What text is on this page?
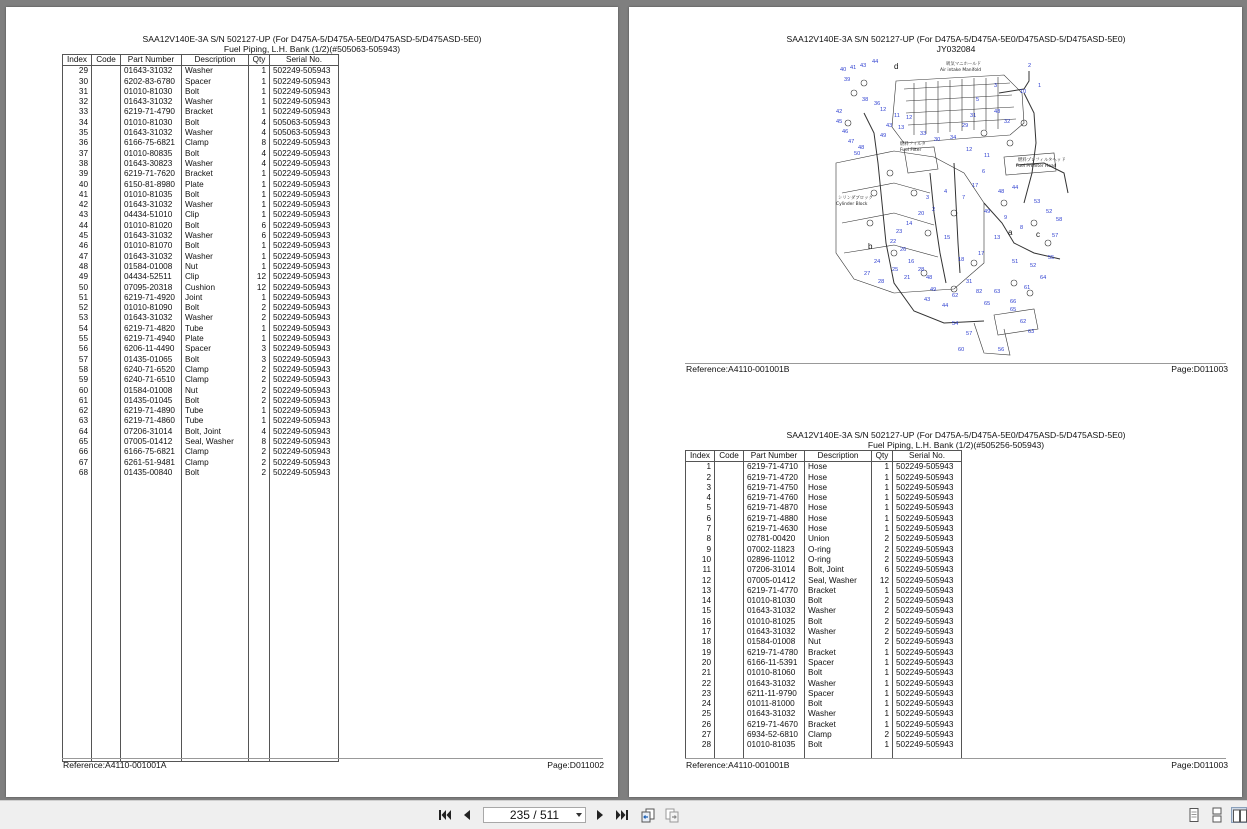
SAA12V140E-3A S/N 502127-UP (For D475A-5/D475A-5E0/D475ASD-5/D475ASD-5E0)
Fuel Piping, L.H. Bank (1/2)(#505063-505943)
Index	Code	Part Number	Description	Qty	Serial No.
29		01643-31032	Washer	1	502249-505943
30		6202-83-6780	Spacer	1	502249-505943
31		01010-81030	Bolt	1	502249-505943
32		01643-31032	Washer	1	502249-505943
33		6219-71-4790	Bracket	1	502249-505943
34		01010-81030	Bolt	4	505063-505943
35		01643-31032	Washer	4	505063-505943
36		6166-75-6821	Clamp	8	502249-505943
37		01010-80835	Bolt	4	502249-505943
38		01643-30823	Washer	4	502249-505943
39		6219-71-7620	Bracket	1	502249-505943
40		6150-81-8980	Plate	1	502249-505943
41		01010-81035	Bolt	1	502249-505943
42		01643-31032	Washer	1	502249-505943
43		04434-51010	Clip	1	502249-505943
44		01010-81020	Bolt	6	502249-505943
45		01643-31032	Washer	6	502249-505943
46		01010-81070	Bolt	1	502249-505943
47		01643-31032	Washer	1	502249-505943
48		01584-01008	Nut	1	502249-505943
49		04434-52511	Clip	12	502249-505943
50		07095-20318	Cushion	12	502249-505943
51		6219-71-4920	Joint	1	502249-505943
52		01010-81090	Bolt	2	502249-505943
53		01643-31032	Washer	2	502249-505943
54		6219-71-4820	Tube	1	502249-505943
55		6219-71-4940	Plate	1	502249-505943
56		6206-11-4490	Spacer	3	502249-505943
57		01435-01065	Bolt	3	502249-505943
58		6240-71-6520	Clamp	2	502249-505943
59		6240-71-6510	Clamp	2	502249-505943
60		01584-01008	Nut	2	502249-505943
61		01435-01045	Bolt	2	502249-505943
62		6219-71-4890	Tube	1	502249-505943
63		6219-71-4860	Tube	1	502249-505943
64		07206-31014	Bolt, Joint	4	502249-505943
65		07005-01412	Seal, Washer	8	502249-505943
66		6166-75-6821	Clamp	2	502249-505943
67		6261-51-9481	Clamp	2	502249-505943
68		01435-00840	Bolt	2	502249-505943

Reference:A4110-001001A	Page:D011002
SAA12V140E-3A S/N 502127-UP (For D475A-5/D475A-5E0/D475ASD-5/D475ASD-5E0)
JY032084
40 41 43
44
39
42
45
46
47
48
50
38
36
12
11 12
43
49
13
33
30 34
29
31
48
32
10
1
2
3
5
12
11
6
17
7
4
3
2
20
14
23
22
26
16
28
48
49
43
44
62
31
82
65
63
66
61
64
55
57
58
52
53
44
48
49
9
8
13
51
52
17
18
15
24
27
28
25
21
54
57
60	56
62
63
65
吸気マニホールド
Air intake Manifold
燃料フィルタ
Fuel Filter
燃料プレフィルタヘッド
Fuel Prefilter Head
シリンダブロック
Cylinder Block
b
a	c
d
Reference:A4110-001001B	Page:D011003
SAA12V140E-3A S/N 502127-UP (For D475A-5/D475A-5E0/D475ASD-5/D475ASD-5E0)
Fuel Piping, L.H. Bank (1/2)(#505256-505943)
Index	Code	Part Number	Description	Qty	Serial No.
1		6219-71-4710	Hose	1	502249-505943
2		6219-71-4720	Hose	1	502249-505943
3		6219-71-4750	Hose	1	502249-505943
4		6219-71-4760	Hose	1	502249-505943
5		6219-71-4870	Hose	1	502249-505943
6		6219-71-4880	Hose	1	502249-505943
7		6219-71-4630	Hose	1	502249-505943
8		02781-00420	Union	2	502249-505943
9		07002-11823	O-ring	2	502249-505943
10		02896-11012	O-ring	2	502249-505943
11		07206-31014	Bolt, Joint	6	502249-505943
12		07005-01412	Seal, Washer	12	502249-505943
13		6219-71-4770	Bracket	1	502249-505943
14		01010-81030	Bolt	2	502249-505943
15		01643-31032	Washer	2	502249-505943
16		01010-81025	Bolt	2	502249-505943
17		01643-31032	Washer	2	502249-505943
18		01584-01008	Nut	2	502249-505943
19		6219-71-4780	Bracket	1	502249-505943
20		6166-11-5391	Spacer	1	502249-505943
21		01010-81060	Bolt	1	502249-505943
22		01643-31032	Washer	1	502249-505943
23		6211-11-9790	Spacer	1	502249-505943
24		01011-81000	Bolt	1	502249-505943
25		01643-31032	Washer	1	502249-505943
26		6219-71-4670	Bracket	1	502249-505943
27		6934-52-6810	Clamp	2	502249-505943
28		01010-81035	Bolt	1	502249-505943

Reference:A4110-001001B	Page:D011003
235 / 511
